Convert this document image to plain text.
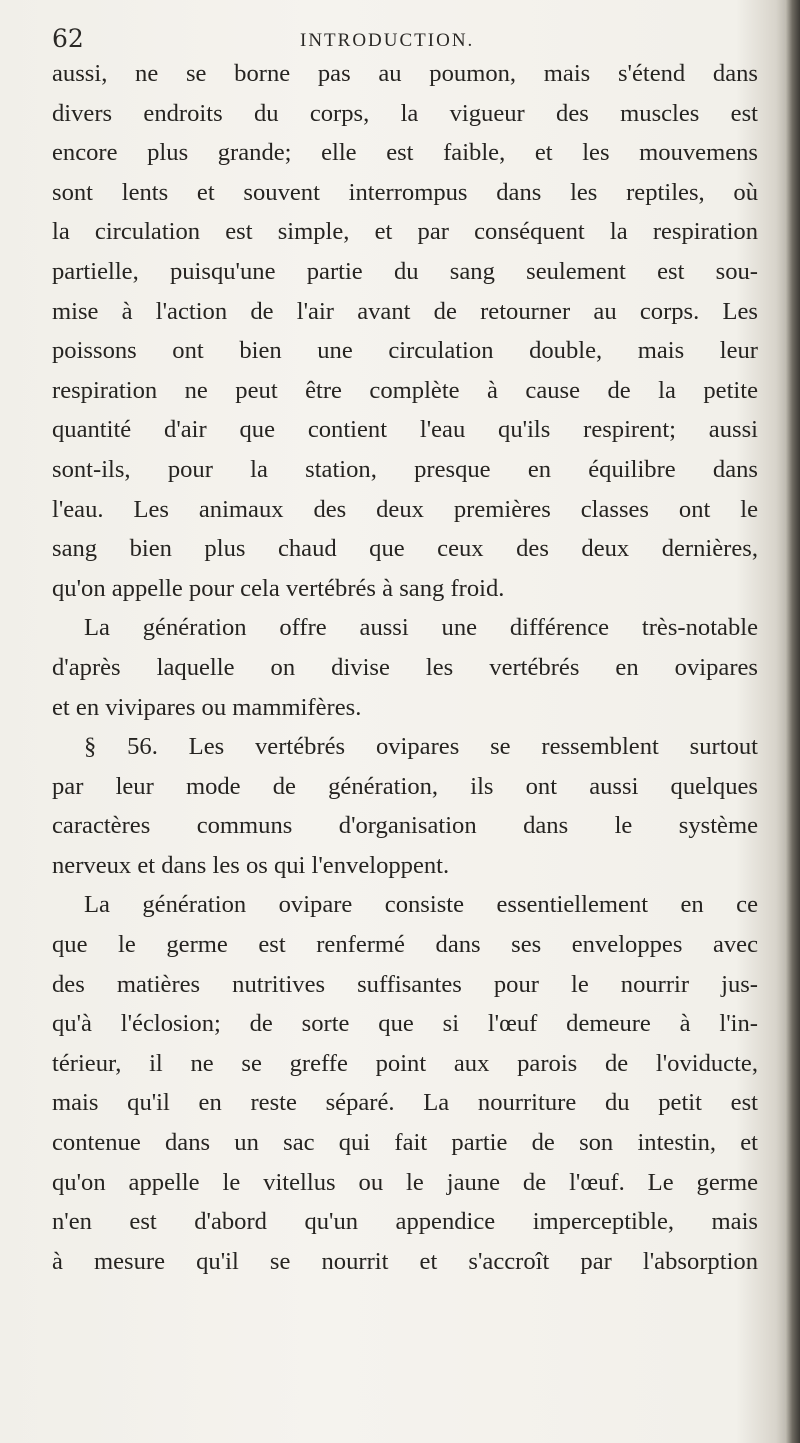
62	INTRODUCTION.
aussi, ne se borne pas au poumon, mais s'étend dans
divers endroits du corps, la vigueur des muscles est
encore plus grande; elle est faible, et les mouvemens
sont lents et souvent interrompus dans les reptiles, où
la circulation est simple, et par conséquent la respiration
partielle, puisqu'une partie du sang seulement est sou-
mise à l'action de l'air avant de retourner au corps. Les
poissons ont bien une circulation double, mais leur
respiration ne peut être complète à cause de la petite
quantité d'air que contient l'eau qu'ils respirent; aussi
sont-ils, pour la station, presque en équilibre dans
l'eau. Les animaux des deux premières classes ont le
sang bien plus chaud que ceux des deux dernières,
qu'on appelle pour cela vertébrés à sang froid.
La génération offre aussi une différence très-notable
d'après laquelle on divise les vertébrés en ovipares
et en vivipares ou mammifères.
§ 56. Les vertébrés ovipares se ressemblent surtout
par leur mode de génération, ils ont aussi quelques
caractères communs d'organisation dans le système
nerveux et dans les os qui l'enveloppent.
La génération ovipare consiste essentiellement en ce
que le germe est renfermé dans ses enveloppes avec
des matières nutritives suffisantes pour le nourrir jus-
qu'à l'éclosion; de sorte que si l'œuf demeure à l'in-
térieur, il ne se greffe point aux parois de l'oviducte,
mais qu'il en reste séparé. La nourriture du petit est
contenue dans un sac qui fait partie de son intestin, et
qu'on appelle le vitellus ou le jaune de l'œuf. Le germe
n'en est d'abord qu'un appendice imperceptible, mais
à mesure qu'il se nourrit et s'accroît par l'absorption
